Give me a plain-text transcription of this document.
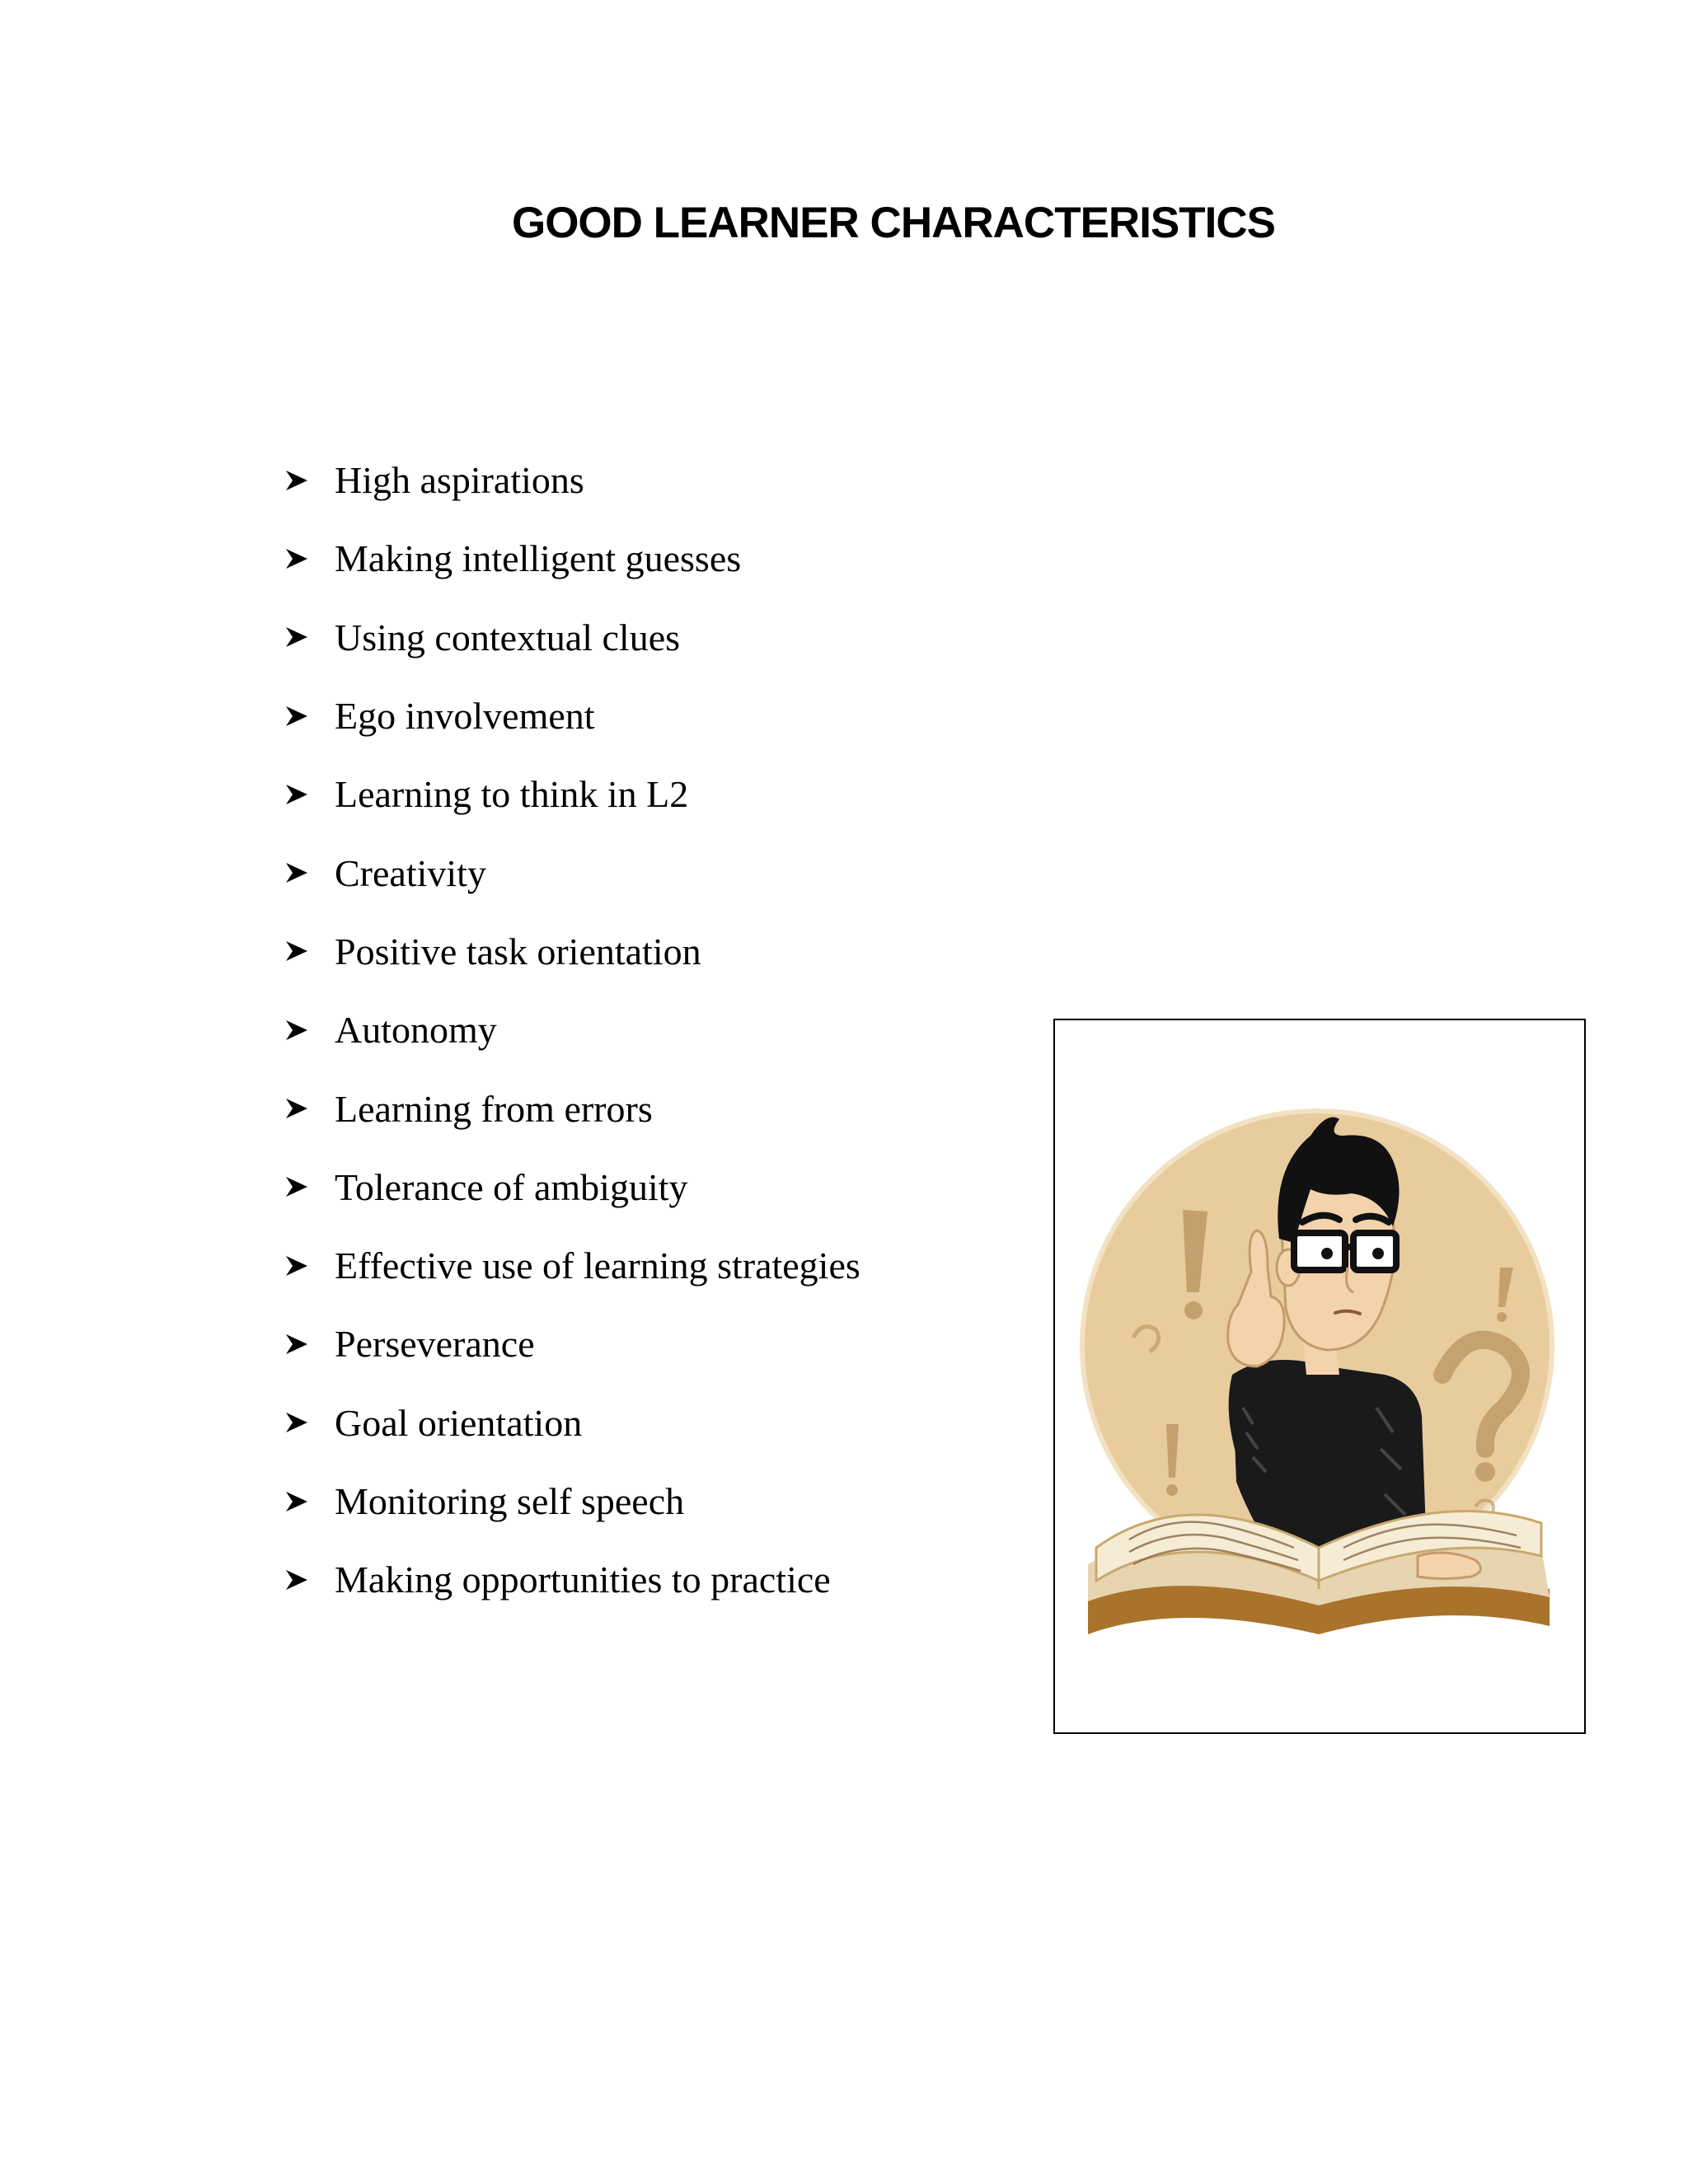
GOOD LEARNER CHARACTERISTICS
High aspirations
Making intelligent guesses
Using contextual clues
Ego involvement
Learning to think in L2
Creativity
Positive task orientation
Autonomy
Learning from errors
Tolerance of ambiguity
Effective use of learning strategies
Perseverance
Goal orientation
Monitoring self speech
Making opportunities to practice
